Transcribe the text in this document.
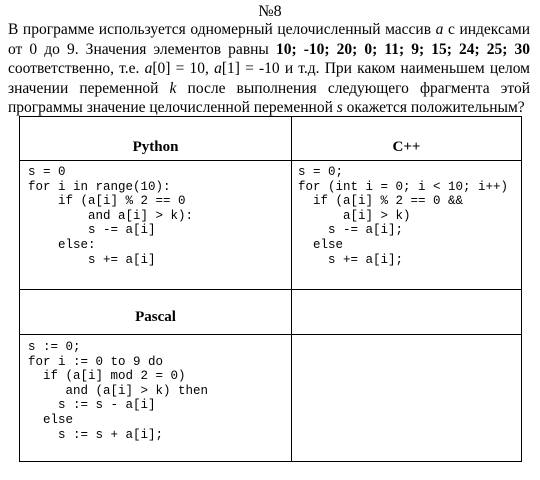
№8
В программе используется одномерный целочисленный массив a с индексами
от 0 до 9. Значения элементов равны 10; -10; 20; 0; 11; 9; 15; 24; 25; 30
соответственно, т.е. a[0] = 10, a[1] = -10 и т.д. При каком наименьшем целом
значении переменной k после выполнения следующего фрагмента этой
программы значение целочисленной переменной s окажется положительным?
Python	C++
s = 0
for i in range(10):
if (a[i] % 2 == 0
and a[i] > k):
s -= a[i]
else:
s += a[i]
s = 0;
for (int i = 0; i < 10; i++)
if (a[i] % 2 == 0 &&
a[i] > k)
s -= a[i];
else
s += a[i];
Pascal
s := 0;
for i := 0 to 9 do
if (a[i] mod 2 = 0)
and (a[i] > k) then
s := s - a[i]
else
s := s + a[i];
